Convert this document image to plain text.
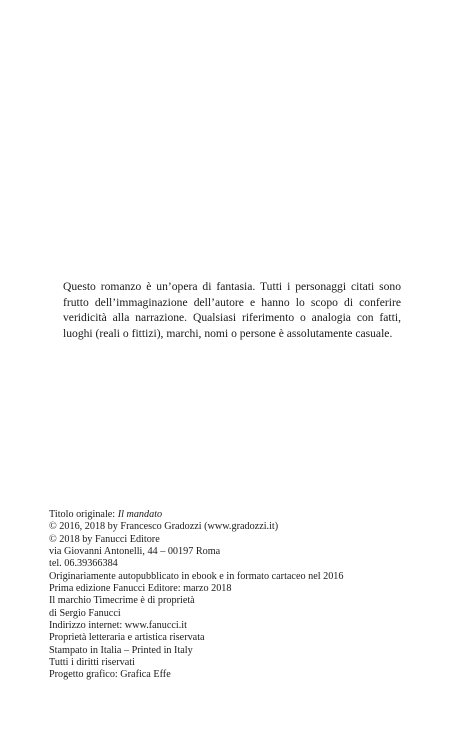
Questo romanzo è un’opera di fantasia. Tutti i personaggi citati sono frutto dell’immaginazione dell’autore e hanno lo scopo di conferire veridicità alla narrazione. Qualsiasi riferimento o analogia con fatti, luoghi (reali o fittizi), marchi, nomi o persone è assolutamente casuale.

Titolo originale: Il mandato
© 2016, 2018 by Francesco Gradozzi (www.gradozzi.it)
© 2018 by Fanucci Editore
via Giovanni Antonelli, 44 – 00197 Roma
tel. 06.39366384
Originariamente autopubblicato in ebook e in formato cartaceo nel 2016
Prima edizione Fanucci Editore: marzo 2018
Il marchio Timecrime è di proprietà
di Sergio Fanucci
Indirizzo internet: www.fanucci.it
Proprietà letteraria e artistica riservata
Stampato in Italia – Printed in Italy
Tutti i diritti riservati
Progetto grafico: Grafica Effe
